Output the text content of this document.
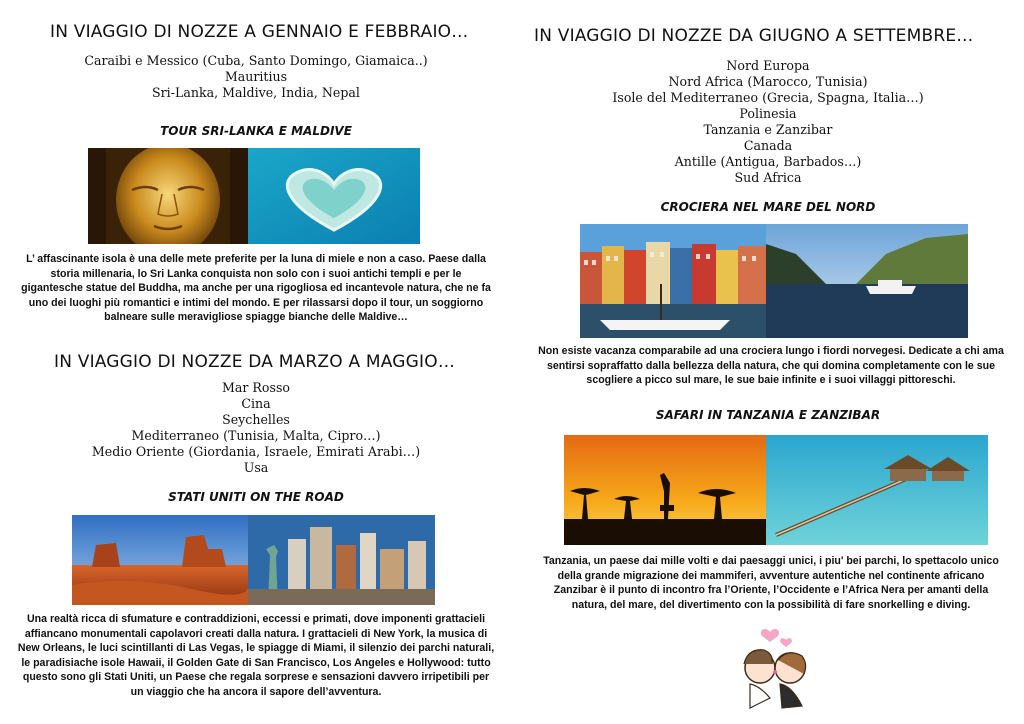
IN VIAGGIO DI NOZZE A GENNAIO E FEBBRAIO…
Caraibi e Messico (Cuba, Santo Domingo, Giamaica..)
Mauritius
Sri-Lanka, Maldive, India, Nepal
TOUR SRI-LANKA E MALDIVE
L’ affascinante isola è una delle mete preferite per la luna di miele e non a caso. Paese dalla storia millenaria, lo Sri Lanka conquista non solo con i suoi antichi templi e per le gigantesche statue del Buddha, ma anche per una rigogliosa ed incantevole natura, che ne fa uno dei luoghi più romantici e intimi del mondo. E per rilassarsi dopo il tour, un soggiorno balneare sulle meravigliose spiagge bianche delle Maldive…
IN VIAGGIO DI NOZZE DA MARZO A MAGGIO…
Mar Rosso
Cina
Seychelles
Mediterraneo (Tunisia, Malta, Cipro…)
Medio Oriente (Giordania, Israele, Emirati Arabi…)
Usa
STATI UNITI ON THE ROAD
Una realtà ricca di sfumature e contraddizioni, eccessi e primati, dove imponenti grattacieli affiancano monumentali capolavori creati dalla natura. I grattacieli di New York, la musica di New Orleans, le luci scintillanti di Las Vegas, le spiagge di Miami, il silenzio dei parchi naturali, le paradisiache isole Hawaii, il Golden Gate di San Francisco, Los Angeles e Hollywood: tutto questo sono gli Stati Uniti, un Paese che regala sorprese e sensazioni davvero irripetibili per un viaggio che ha ancora il sapore dell’avventura.
IN VIAGGIO DI NOZZE DA GIUGNO A SETTEMBRE…
Nord Europa
Nord Africa (Marocco, Tunisia)
Isole del Mediterraneo (Grecia, Spagna, Italia…)
Polinesia
Tanzania e Zanzibar
Canada
Antille (Antigua, Barbados…)
Sud Africa
CROCIERA NEL MARE DEL NORD
Non esiste vacanza comparabile ad una crociera lungo i fiordi norvegesi. Dedicate a chi ama sentirsi sopraffatto dalla bellezza della natura, che qui domina completamente con le sue scogliere a picco sul mare, le sue baie infinite e i suoi villaggi pittoreschi.
SAFARI IN TANZANIA E ZANZIBAR
Tanzania, un paese dai mille volti e dai paesaggi unici, i piu' bei parchi, lo spettacolo unico della grande migrazione dei mammiferi, avventure autentiche nel continente africano Zanzibar è il punto di incontro fra l’Oriente, l’Occidente e l’Africa Nera per amanti della natura, del mare, del divertimento con la possibilità di fare snorkelling e diving.
